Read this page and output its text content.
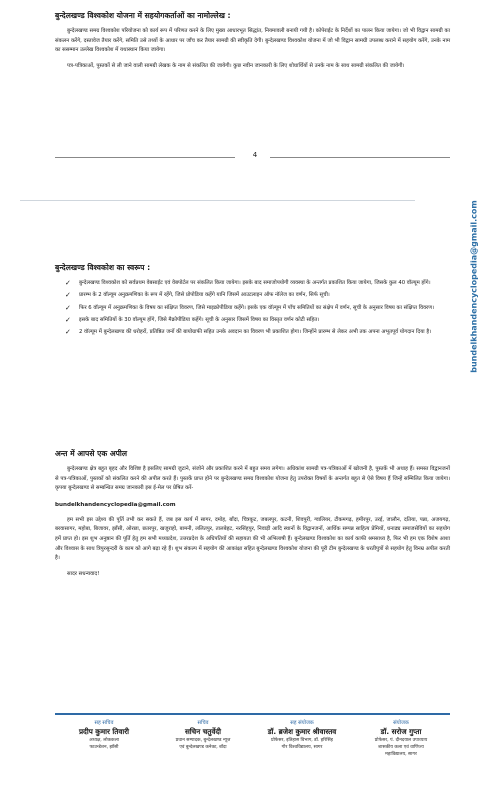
बुन्देलखण्ड विश्वकोश योजना में सहयोगकर्ताओं का नामोल्लेख :

बुन्देलखण्ड समग्र विश्वकोश परियोजना को कार्य रूप में परिणत करने के लिए मुख्य आधारभूत सिद्धांत, नियमावली बनायी गयी है। कोपेराईट के निर्देशों का पालन किया जायेगा। जो भी विद्वान सामग्री का संकलन करेंगे, दस्तावेज तैयार करेंगे, समिति उसे तथ्यों के आधार पर जाँच कर तैयार सामग्री की स्वीकृति देगी। बुन्देलखण्ड विश्वकोश योजना में जो भी विद्वान सामग्री उपलब्ध कराने में सहयोग करेंगे, उनके नाम का ससम्मान उल्लेख विश्वकोश में यथास्थान किया जायेगा।

पत्र-पत्रिकाओं, पुस्तकों से ली जाने वाली सामग्री लेखक के नाम से संकलित की जायेगी। कुछ नवीन जानकारी के लिए शोधार्थियों से उनके नाम के साथ सामग्री संकलित की जायेगी।

4
bundelkhandencyclopedia@gmail.com
बुन्देलखण्ड विश्वकोश का स्वरूप :
✓ बुन्देलखण्ड विश्वकोश को सर्वप्रथम वेबसाईट एवं वेबपोर्टल पर संकलित किया जायेगा। इसके बाद समाजोपयोगी व्यवस्था के अन्तर्गत प्रकाशित किया जायेगा, जिसके कुल 40 वॉल्यूम होंगे।
✓ प्रारम्भ के 2 वॉल्यूम अनुक्रमणिका के रूप में रहेंगे, जिसे प्रोपोडिया कहेंगे यानि जिसमें आउटलाइन ऑफ नॉलेज का वर्णन, सिर्फ सूची।
✓ फिर 6 वॉल्यूम में अनुक्रमणिका के विषय का संक्षिप्त विवरण, जिसे माइक्रोपीडिया कहेंगे। इसके एक वॉल्यूम में पाँच समितियों का संक्षेप में वर्णन, सूची के अनुसार विषय का संक्षिप्त विवरण।
✓ इसके बाद समितियों के 30 वॉल्यूम होंगे, जिसे मैक्रोपीडिया कहेंगे। सूची के अनुसार जिसमें विषय का विस्तृत वर्णन कोटी सहित।
✓ 2 वॉल्यूम में बुन्देलखण्ड की धरोहरों, प्रतिष्ठित जनों की बायोग्राफी सहित उनके अवदान का विवरण भी प्रकाशित होगा। जिन्होंने प्रारम्भ से लेकर अभी तक अपना अभूतपूर्व योगदान दिया है।
अन्त में आपसे एक अपील

बुन्देलखण्ड क्षेत्र बहुत बृहद और विशिष्ट है इसलिए सामग्री जुटाने, संजोने और प्रकाशित करने में बहुत समय लगेगा। अधिकांश सामग्री पत्र-पत्रिकाओं में खोजनी है, पुस्तकें भी अथाह हैं। समस्त विद्वानजनों से पत्र-पत्रिकाओं, पुस्तकों को संकलित करने की अपील करते हैं। पुस्तकें प्राप्त होने पर बुन्देलखण्ड समग्र विश्वकोश योजना हेतु उपरोक्त विषयों के अन्तर्गत बहुत से ऐसे विषय हैं जिन्हें सम्मिलित किया जायेगा। कृपया बुन्देलखण्ड से सम्बन्धित समग्र जानकारी इस ई-मेल पर प्रेषित करें-

bundelkhandencyclopedia@gmail.com

हम सभी इस उद्देश्य की पूर्ति तभी कर सकते हैं, जब इस कार्य में सागर, दमोह, बाँदा, चित्रकूट, जबलपुर, कटनी, शिवपुरी, ग्वालियर, टीकमगढ़, हमीरपुर, उरई, जालौन, दतिया, पन्ना, अजयगढ़, बरवासागर, महोबा, बिजावर, झाँसी, ओरछा, छतरपुर, खजुराहो, बामनी, ललितपुर, तालबेहट, नरसिंहपुर, निवाड़ी आदि स्थानों के विद्वानजनों, आर्थिक सम्पन्न साहित्य प्रेमियों, धनाढ्य समाजसेवियों का सहयोग हमें प्राप्त हो। इस शुभ अनुष्ठान की पूर्ति हेतु हम सभी मध्यप्रदेश, उत्तरप्रदेश के अधिपतियों की सहायता की भी अभिलाषी हैं। बुन्देलखण्ड विश्वकोश का कार्य काफी श्रमसाध्य है, फिर भी हम एक विशेष आशा और विश्वास के साथ त्रिपुरसुन्दरी के काम को आगे बढ़ा रहे हैं। शुभ संकल्प में सहयोग की आकांक्षा सहित बुन्देलखण्ड विश्वकोश योजना की पूरी टीम बुन्देलखण्ड के धरतीपुत्रों से सहयोग हेतु विनम्र अपील करती है।

सादर सधन्यवाद!
सह सचिव
प्रदीप कुमार तिवारी
अध्यक्ष, लोककला
फाउन्डेशन, झाँसी
सचिव
सचिन चतुर्वेदी
प्रधान सम्पादक, बुन्देलखण्ड न्यूज
एवं बुन्देलखण्ड कनेक्ट, बाँदा
सह संयोजक
डॉ. ब्रजेश कुमार श्रीवास्तव
प्रोफेसर, इतिहास विभाग, डॉ. हरिसिंह
गौर विश्वविद्यालय, सागर
संयोजक
डॉ. सरोज गुप्ता
प्रोफेसर, पं. दीनदयाल उपाध्याय
शासकीय कला एवं वाणिज्य
महाविद्यालय, सागर
